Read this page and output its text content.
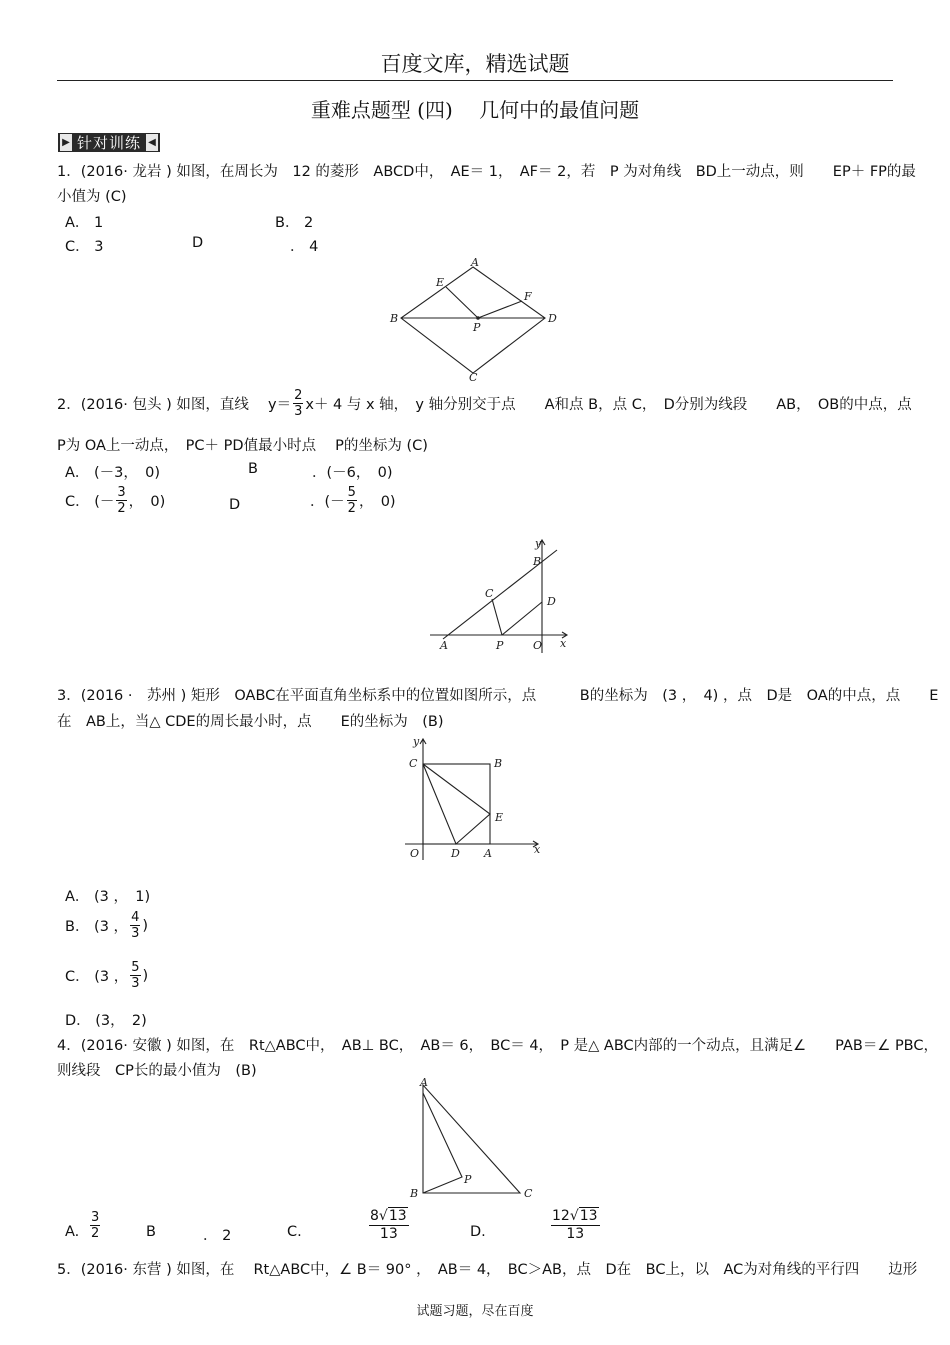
百度文库，精选试题
重难点题型 (四)　 几何中的最值问题
▶ 针对训练 ◀
1．(2016· 龙岩 ) 如图，在周长为　12 的菱形　ABCD中，　AE＝ 1，　AF＝ 2，若　P 为对角线　BD上一动点，则　　EP＋ FP的最
小值为 (C)
A． 1	B． 2
C． 3	D	． 4
A
B	D
C
E
F
P
2．(2016· 包头 ) 如图，直线　 $y= \frac{2}{3} x+ 4$ 与 x 轴，　y 轴分别交于点　　A和点 B，点 C，　D分别为线段　　AB，　OB的中点，点
P为 OA上一动点，　PC＋ PD值最小时点　 P的坐标为 (C)
A． (－3，　0)	B	．(－6，　0)
C． (－ $\frac{3}{2}$ ，　0)	D	．(－ $\frac{5}{2}$ ，　0)
y
B
C
D
A	P	O x
3．(2016 ·　苏州 ) 矩形　OABC在平面直角坐标系中的位置如图所示，点　　　B的坐标为　(3 ，　4) ，点　D是　OA的中点，点　　E
在　AB上，当△ CDE的周长最小时，点　　E的坐标为　(B)
y
C	B
E
O	D A	x
A． (3 ，　1)
B． (3 ， $\frac{4}{3}$ )
C． (3 ， $\frac{5}{3}$ )
D． (3，　2)
4．(2016· 安徽 ) 如图，在　Rt△ABC中，　AB⊥ BC，　AB＝ 6，　BC＝ 4，　P 是△ ABC内部的一个动点，且满足∠　　PAB＝∠ PBC，
则线段　CP长的最小值为　(B)
A
P
B	C
A. $\frac{3}{2}$	B	． 2	C.	$\frac{8√13}{13}$	D.	$\frac{12√13}{13}$
5．(2016· 东营 ) 如图，在　 Rt△ABC中，∠ B＝ 90° ，　AB＝ 4，　BC＞AB，点　D在　BC上，以　AC为对角线的平行四　　边形
试题习题，尽在百度
